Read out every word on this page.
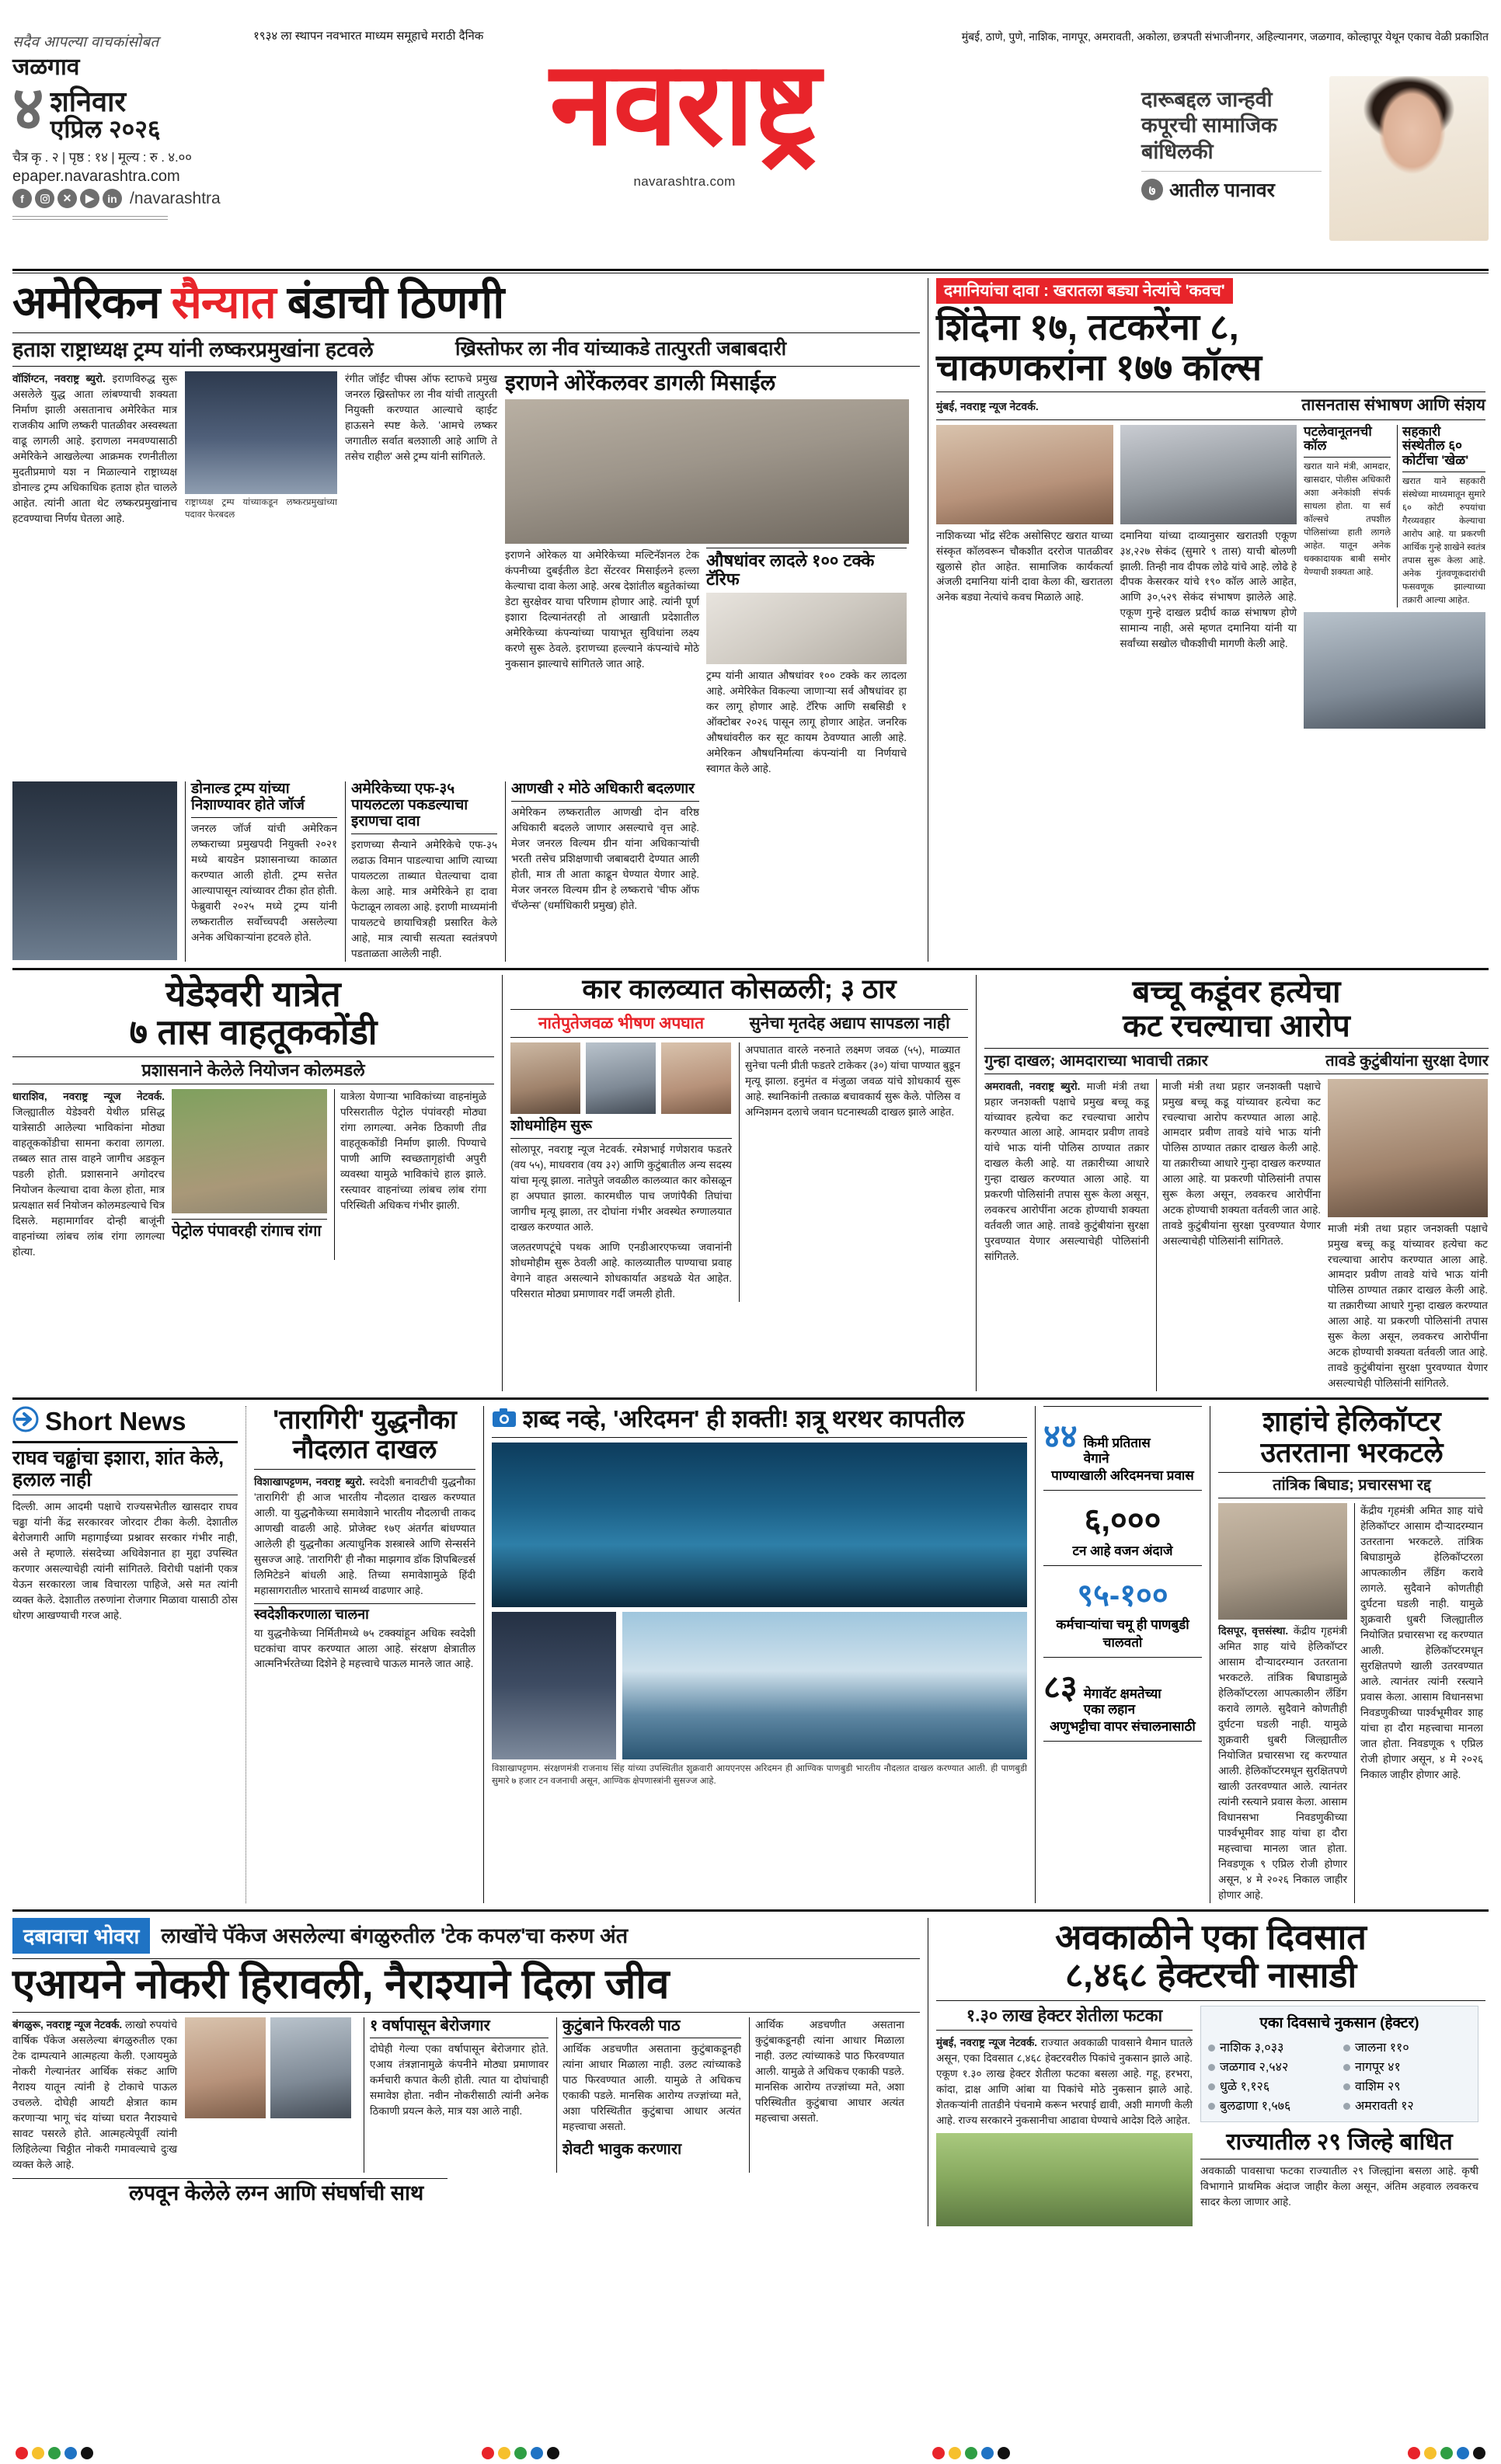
सदैव आपल्या वाचकांसोबत
जळगाव
४ शनिवार
एप्रिल २०२६
चैत्र कृ . २ | पृष्ठ : १४ | मूल्य : रु . ४.००
epaper.navarashtra.com
f	✕	▶	in /navarashtra
१९३४ ला स्थापन नवभारत माध्यम समूहाचे मराठी दैनिक
नवराष्ट्र
navarashtra.com
मुंबई, ठाणे, पुणे, नाशिक, नागपूर, अमरावती, अकोला, छत्रपती संभाजीनगर, अहिल्यानगर, जळगाव, कोल्हापूर येथून एकाच वेळी प्रकाशित
दारूबद्दल जान्हवी
कपूरची सामाजिक
बांधिलकी
७ आतील पानावर
अमेरिकन सैन्यात बंडाची ठिणगी
हताश राष्ट्राध्यक्ष ट्रम्प यांनी लष्करप्रमुखांना हटवले	ख्रिस्तोफर ला नीव यांच्याकडे तात्पुरती जबाबदारी
वॉशिंग्टन, नवराष्ट्र ब्युरो. इराणविरुद्ध सुरू असलेले युद्ध आता लांबण्याची शक्यता निर्माण झाली असतानाच अमेरिकेत मात्र राजकीय आणि लष्करी पातळीवर अस्वस्थता वाढू लागली आहे. इराणला नमवण्यासाठी अमेरिकेने आखलेल्या आक्रमक रणनीतीला मुदतीप्रमाणे यश न मिळाल्याने राष्ट्राध्यक्ष डोनाल्ड ट्रम्प अधिकाधिक हताश होत चालले आहेत. त्यांनी आता थेट लष्करप्रमुखांनाच हटवण्याचा निर्णय घेतला आहे.
राष्ट्राध्यक्ष ट्रम्प यांच्याकडून लष्करप्रमुखांच्या पदावर फेरबदल
रंगीत जॉईंट चीफ्स ऑफ स्टाफचे प्रमुख जनरल ख्रिस्तोफर ला नीव यांची तात्पुरती नियुक्ती करण्यात आल्याचे व्हाईट हाऊसने स्पष्ट केले. 'आमचे लष्कर जगातील सर्वात बलशाली आहे आणि ते तसेच राहील' असे ट्रम्प यांनी सांगितले.
इराणने ओरेंकलवर डागली मिसाईल
इराणने ओरेकल या अमेरिकेच्या मल्टिनॅशनल टेक कंपनीच्या दुबईतील डेटा सेंटरवर मिसाईलने हल्ला केल्याचा दावा केला आहे. अरब देशांतील बहुतेकांच्या डेटा सुरक्षेवर याचा परिणाम होणार आहे. त्यांनी पूर्ण इशारा दिल्यानंतरही तो आखाती प्रदेशातील अमेरिकेच्या कंपन्यांच्या पायाभूत सुविधांना लक्ष्य करणे सुरू ठेवले. इराणच्या हल्ल्याने कंपन्यांचे मोठे नुकसान झाल्याचे सांगितले जात आहे.
औषधांवर लादले १०० टक्के टॅरिफ
ट्रम्प यांनी आयात औषधांवर १०० टक्के कर लादला आहे. अमेरिकेत विकल्या जाणाऱ्या सर्व औषधांवर हा कर लागू होणार आहे. टॅरिफ आणि सबसिडी १ ऑक्टोबर २०२६ पासून लागू होणार आहेत. जनरिक औषधांवरील कर सूट कायम ठेवण्यात आली आहे. अमेरिकन औषधनिर्मात्या कंपन्यांनी या निर्णयाचे स्वागत केले आहे.
डोनाल्ड ट्रम्प यांच्या निशाण्यावर होते जॉर्ज
जनरल जॉर्ज यांची अमेरिकन लष्कराच्या प्रमुखपदी नियुक्ती २०२१ मध्ये बायडेन प्रशासनाच्या काळात करण्यात आली होती. ट्रम्प सत्तेत आल्यापासून त्यांच्यावर टीका होत होती. फेब्रुवारी २०२५ मध्ये ट्रम्प यांनी लष्करातील सर्वोच्चपदी असलेल्या अनेक अधिकाऱ्यांना हटवले होते.
अमेरिकेच्या एफ-३५ पायलटला पकडल्याचा इराणचा दावा
इराणच्या सैन्याने अमेरिकेचे एफ-३५ लढाऊ विमान पाडल्याचा आणि त्याच्या पायलटला ताब्यात घेतल्याचा दावा केला आहे. मात्र अमेरिकेने हा दावा फेटाळून लावला आहे. इराणी माध्यमांनी पायलटचे छायाचित्रही प्रसारित केले आहे, मात्र त्याची सत्यता स्वतंत्रपणे पडताळता आलेली नाही.
आणखी २ मोठे अधिकारी बदलणार
अमेरिकन लष्करातील आणखी दोन वरिष्ठ अधिकारी बदलले जाणार असल्याचे वृत्त आहे. मेजर जनरल विल्यम ग्रीन यांना अधिकाऱ्यांची भरती तसेच प्रशिक्षणाची जबाबदारी देण्यात आली होती, मात्र ती आता काढून घेण्यात येणार आहे. मेजर जनरल विल्यम ग्रीन हे लष्कराचे 'चीफ ऑफ चॅप्लेन्स' (धर्माधिकारी प्रमुख) होते.
दमानियांचा दावा : खरातला बड्या नेत्यांचे 'कवच'
शिंदेना १७, तटकरेंना ८,
चाकणकरांना १७७ कॉल्स
मुंबई, नवराष्ट्र न्यूज नेटवर्क.	तासनतास संभाषण आणि संशय
नाशिकच्या भोंद्र सॅटेक असोसिएट खरात याच्या संस्कृत कॉलवरून चौकशीत दररोज पातळीवर खुलासे होत आहेत. सामाजिक कार्यकर्त्या अंजली दमानिया यांनी दावा केला की, खरातला अनेक बड्या नेत्यांचे कवच मिळाले आहे.
दमानिया यांच्या दाव्यानुसार खरातशी एकूण ३४,२२७ सेकंद (सुमारे ९ तास) याची बोलणी झाली. तिन्ही नाव दीपक लोढे यांचे आहे. लोढे हे दीपक केसरकर यांचे १९० कॉल आले आहेत, आणि ३०,५२९ सेकंद संभाषण झालेले आहे. एकूण गुन्हे दाखल प्रदीर्घ काळ संभाषण होणे सामान्य नाही, असे म्हणत दमानिया यांनी या सर्वांच्या सखोल चौकशीची मागणी केली आहे.
पटलेवानूतनची कॉल
खरात याने मंत्री, आमदार, खासदार, पोलीस अधिकारी अशा अनेकांशी संपर्क साधला होता. या सर्व कॉल्सचे तपशील पोलिसांच्या हाती लागले आहेत. यातून अनेक धक्कादायक बाबी समोर येण्याची शक्यता आहे.
सहकारी संस्थेतील ६० कोटींचा 'खेळ'
खरात याने सहकारी संस्थेच्या माध्यमातून सुमारे ६० कोटी रुपयांचा गैरव्यवहार केल्याचा आरोप आहे. या प्रकरणी आर्थिक गुन्हे शाखेने स्वतंत्र तपास सुरू केला आहे. अनेक गुंतवणूकदारांची फसवणूक झाल्याच्या तक्रारी आल्या आहेत.
येडेश्वरी यात्रेत
७ तास वाहतूककोंडी
प्रशासनाने केलेले नियोजन कोलमडले
धाराशिव, नवराष्ट्र न्यूज नेटवर्क. जिल्ह्यातील येडेश्वरी येथील प्रसिद्ध यात्रेसाठी आलेल्या भाविकांना मोठ्या वाहतूककोंडीचा सामना करावा लागला. तब्बल सात तास वाहने जागीच अडकून पडली होती. प्रशासनाने अगोदरच नियोजन केल्याचा दावा केला होता, मात्र प्रत्यक्षात सर्व नियोजन कोलमडल्याचे चित्र दिसले. महामार्गावर दोन्ही बाजूंनी वाहनांच्या लांबच लांब रांगा लागल्या होत्या.
पेट्रोल पंपावरही रांगाच रांगा
यात्रेला येणाऱ्या भाविकांच्या वाहनांमुळे परिसरातील पेट्रोल पंपांवरही मोठ्या रांगा लागल्या. अनेक ठिकाणी तीव्र वाहतूककोंडी निर्माण झाली. पिण्याचे पाणी आणि स्वच्छतागृहांची अपुरी व्यवस्था यामुळे भाविकांचे हाल झाले. रस्त्यावर वाहनांच्या लांबच लांब रांगा परिस्थिती अधिकच गंभीर झाली.
कार कालव्यात कोसळली; ३ ठार
नातेपुतेजवळ भीषण अपघात	सुनेचा मृतदेह अद्याप सापडला नाही
शोधमोहिम सुरू
सोलापूर, नवराष्ट्र न्यूज नेटवर्क. रमेशभाई गणेशराव फडतरे (वय ५५), माधवराव (वय ३२) आणि कुटुंबातील अन्य सदस्य यांचा मृत्यू झाला. नातेपुते जवळील कालव्यात कार कोसळून हा अपघात झाला. कारमधील पाच जणांपैकी तिघांचा जागीच मृत्यू झाला, तर दोघांना गंभीर अवस्थेत रुग्णालयात दाखल करण्यात आले.
जलतरणपटूंचे पथक आणि एनडीआरएफच्या जवानांनी शोधमोहीम सुरू ठेवली आहे. कालव्यातील पाण्याचा प्रवाह वेगाने वाहत असल्याने शोधकार्यात अडथळे येत आहेत. परिसरात मोठ्या प्रमाणावर गर्दी जमली होती.
अपघातात वारले नरुनाते लक्ष्मण जवळ (५५), माळ्यात सुनेचा पत्नी प्रीती फडतरे टाकेकर (३०) यांचा पाण्यात बुडून मृत्यू झाला. हनुमंत व मंजुळा जवळ यांचे शोधकार्य सुरू आहे. स्थानिकांनी तत्काळ बचावकार्य सुरू केले. पोलिस व अग्निशमन दलाचे जवान घटनास्थळी दाखल झाले आहेत.
बच्चू कडूंवर हत्येचा
कट रचल्याचा आरोप
गुन्हा दाखल; आमदाराच्या भावाची तक्रार	तावडे कुटुंबीयांना सुरक्षा देणार
अमरावती, नवराष्ट्र ब्युरो. माजी मंत्री तथा प्रहार जनशक्ती पक्षाचे प्रमुख बच्चू कडू यांच्यावर हत्येचा कट रचल्याचा आरोप करण्यात आला आहे. आमदार प्रवीण तावडे यांचे भाऊ यांनी पोलिस ठाण्यात तक्रार दाखल केली आहे. या तक्रारीच्या आधारे गुन्हा दाखल करण्यात आला आहे. या प्रकरणी पोलिसांनी तपास सुरू केला असून, लवकरच आरोपींना अटक होण्याची शक्यता वर्तवली जात आहे. तावडे कुटुंबीयांना सुरक्षा पुरवण्यात येणार असल्याचेही पोलिसांनी सांगितले.
माजी मंत्री तथा प्रहार जनशक्ती पक्षाचे प्रमुख बच्चू कडू यांच्यावर हत्येचा कट रचल्याचा आरोप करण्यात आला आहे. आमदार प्रवीण तावडे यांचे भाऊ यांनी पोलिस ठाण्यात तक्रार दाखल केली आहे. या तक्रारीच्या आधारे गुन्हा दाखल करण्यात आला आहे. या प्रकरणी पोलिसांनी तपास सुरू केला असून, लवकरच आरोपींना अटक होण्याची शक्यता वर्तवली जात आहे. तावडे कुटुंबीयांना सुरक्षा पुरवण्यात येणार असल्याचेही पोलिसांनी सांगितले.
माजी मंत्री तथा प्रहार जनशक्ती पक्षाचे प्रमुख बच्चू कडू यांच्यावर हत्येचा कट रचल्याचा आरोप करण्यात आला आहे. आमदार प्रवीण तावडे यांचे भाऊ यांनी पोलिस ठाण्यात तक्रार दाखल केली आहे. या तक्रारीच्या आधारे गुन्हा दाखल करण्यात आला आहे. या प्रकरणी पोलिसांनी तपास सुरू केला असून, लवकरच आरोपींना अटक होण्याची शक्यता वर्तवली जात आहे. तावडे कुटुंबीयांना सुरक्षा पुरवण्यात येणार असल्याचेही पोलिसांनी सांगितले.
Short News
राघव चढ्ढांचा इशारा, शांत केले, हलाल नाही
दिल्ली. आम आदमी पक्षाचे राज्यसभेतील खासदार राघव चढ्ढा यांनी केंद्र सरकारवर जोरदार टीका केली. देशातील बेरोजगारी आणि महागाईच्या प्रश्नावर सरकार गंभीर नाही, असे ते म्हणाले. संसदेच्या अधिवेशनात हा मुद्दा उपस्थित करणार असल्याचेही त्यांनी सांगितले. विरोधी पक्षांनी एकत्र येऊन सरकारला जाब विचारला पाहिजे, असे मत त्यांनी व्यक्त केले. देशातील तरुणांना रोजगार मिळावा यासाठी ठोस धोरण आखण्याची गरज आहे.
'तारागिरी' युद्धनौका
नौदलात दाखल
विशाखापट्टणम, नवराष्ट्र ब्युरो. स्वदेशी बनावटीची युद्धनौका 'तारागिरी' ही आज भारतीय नौदलात दाखल करण्यात आली. या युद्धनौकेच्या समावेशाने भारतीय नौदलाची ताकद आणखी वाढली आहे. प्रोजेक्ट १७ए अंतर्गत बांधण्यात आलेली ही युद्धनौका अत्याधुनिक शस्त्रास्त्रे आणि सेन्सर्सने सुसज्ज आहे. 'तारागिरी' ही नौका माझगाव डॉक शिपबिल्डर्स लिमिटेडने बांधली आहे. तिच्या समावेशामुळे हिंदी महासागरातील भारताचे सामर्थ्य वाढणार आहे.
स्वदेशीकरणाला चालना
या युद्धनौकेच्या निर्मितीमध्ये ७५ टक्क्यांहून अधिक स्वदेशी घटकांचा वापर करण्यात आला आहे. संरक्षण क्षेत्रातील आत्मनिर्भरतेच्या दिशेने हे महत्त्वाचे पाऊल मानले जात आहे.
शब्द नव्हे, 'अरिदमन' ही शक्ती! शत्रू थरथर कापतील
विशाखापट्टणम. संरक्षणमंत्री राजनाथ सिंह यांच्या उपस्थितीत शुक्रवारी आयएनएस अरिदमन ही आण्विक पाणबुडी भारतीय नौदलात दाखल करण्यात आली. ही पाणबुडी सुमारे ७ हजार टन वजनाची असून, आण्विक क्षेपणास्त्रांनी सुसज्ज आहे.
४४ किमी प्रतितास
वेगाने
पाण्याखाली अरिदमनचा प्रवास
६,०००
टन आहे वजन अंदाजे
९५-१००
कर्मचाऱ्यांचा चमू ही पाणबुडी चालवतो
८३ मेगावॅट क्षमतेच्या
एका लहान
अणुभट्टीचा वापर संचालनासाठी
शाहांचे हेलिकॉप्टर
उतरताना भरकटले
तांत्रिक बिघाड; प्रचारसभा रद्द
दिसपूर, वृत्तसंस्था. केंद्रीय गृहमंत्री अमित शाह यांचे हेलिकॉप्टर आसाम दौऱ्यादरम्यान उतरताना भरकटले. तांत्रिक बिघाडामुळे हेलिकॉप्टरला आपत्कालीन लँडिंग करावे लागले. सुदैवाने कोणतीही दुर्घटना घडली नाही. यामुळे शुक्रवारी धुबरी जिल्ह्यातील नियोजित प्रचारसभा रद्द करण्यात आली. हेलिकॉप्टरमधून सुरक्षितपणे खाली उतरवण्यात आले. त्यानंतर त्यांनी रस्त्याने प्रवास केला. आसाम विधानसभा निवडणुकीच्या पार्श्वभूमीवर शाह यांचा हा दौरा महत्त्वाचा मानला जात होता. निवडणूक ९ एप्रिल रोजी होणार असून, ४ मे २०२६ निकाल जाहीर होणार आहे.
केंद्रीय गृहमंत्री अमित शाह यांचे हेलिकॉप्टर आसाम दौऱ्यादरम्यान उतरताना भरकटले. तांत्रिक बिघाडामुळे हेलिकॉप्टरला आपत्कालीन लँडिंग करावे लागले. सुदैवाने कोणतीही दुर्घटना घडली नाही. यामुळे शुक्रवारी धुबरी जिल्ह्यातील नियोजित प्रचारसभा रद्द करण्यात आली. हेलिकॉप्टरमधून सुरक्षितपणे खाली उतरवण्यात आले. त्यानंतर त्यांनी रस्त्याने प्रवास केला. आसाम विधानसभा निवडणुकीच्या पार्श्वभूमीवर शाह यांचा हा दौरा महत्त्वाचा मानला जात होता. निवडणूक ९ एप्रिल रोजी होणार असून, ४ मे २०२६ निकाल जाहीर होणार आहे.
दबावाचा भोवरा	लाखोंचे पॅकेज असलेल्या बंगळुरुतील 'टेक कपल'चा करुण अंत
एआयने नोकरी हिरावली, नैराश्याने दिला जीव
बंगळुरू, नवराष्ट्र न्यूज नेटवर्क. लाखो रुपयांचे वार्षिक पॅकेज असलेल्या बंगळुरुतील एका टेक दाम्पत्याने आत्महत्या केली. एआयमुळे नोकरी गेल्यानंतर आर्थिक संकट आणि नैराश्य यातून त्यांनी हे टोकाचे पाऊल उचलले. दोघेही आयटी क्षेत्रात काम करणाऱ्या भागू चंद यांच्या घरात नैराश्याचे सावट पसरले होते. आत्महत्येपूर्वी त्यांनी लिहिलेल्या चिठ्ठीत नोकरी गमावल्याचे दुःख व्यक्त केले आहे.
१ वर्षापासून बेरोजगार
दोघेही गेल्या एका वर्षापासून बेरोजगार होते. एआय तंत्रज्ञानामुळे कंपनीने मोठ्या प्रमाणावर कर्मचारी कपात केली होती. त्यात या दोघांचाही समावेश होता. नवीन नोकरीसाठी त्यांनी अनेक ठिकाणी प्रयत्न केले, मात्र यश आले नाही.
कुटुंबाने फिरवली पाठ
आर्थिक अडचणीत असताना कुटुंबाकडूनही त्यांना आधार मिळाला नाही. उलट त्यांच्याकडे पाठ फिरवण्यात आली. यामुळे ते अधिकच एकाकी पडले. मानसिक आरोग्य तज्ज्ञांच्या मते, अशा परिस्थितीत कुटुंबाचा आधार अत्यंत महत्त्वाचा असतो.
शेवटी भावुक करणारा
आर्थिक अडचणीत असताना कुटुंबाकडूनही त्यांना आधार मिळाला नाही. उलट त्यांच्याकडे पाठ फिरवण्यात आली. यामुळे ते अधिकच एकाकी पडले. मानसिक आरोग्य तज्ज्ञांच्या मते, अशा परिस्थितीत कुटुंबाचा आधार अत्यंत महत्त्वाचा असतो.
लपवून केलेले लग्न आणि संघर्षाची साथ
अवकाळीने एका दिवसात
८,४६८ हेक्टरची नासाडी
१.३० लाख हेक्टर शेतीला फटका
मुंबई, नवराष्ट्र न्यूज नेटवर्क. राज्यात अवकाळी पावसाने थैमान घातले असून, एका दिवसात ८,४६८ हेक्टरवरील पिकांचे नुकसान झाले आहे. एकूण १.३० लाख हेक्टर शेतीला फटका बसला आहे. गहू, हरभरा, कांदा, द्राक्ष आणि आंबा या पिकांचे मोठे नुकसान झाले आहे. शेतकऱ्यांनी तातडीने पंचनामे करून भरपाई द्यावी, अशी मागणी केली आहे. राज्य सरकारने नुकसानीचा आढावा घेण्याचे आदेश दिले आहेत.
एका दिवसाचे नुकसान (हेक्टर)
नाशिक ३,०३३
जळगाव २,५४२
धुळे १,१२६
बुलढाणा १,५७६
जालना ११०
नागपूर ४१
वाशिम २९
अमरावती १२
राज्यातील २९ जिल्हे बाधित
अवकाळी पावसाचा फटका राज्यातील २९ जिल्ह्यांना बसला आहे. कृषी विभागाने प्राथमिक अंदाज जाहीर केला असून, अंतिम अहवाल लवकरच सादर केला जाणार आहे.
